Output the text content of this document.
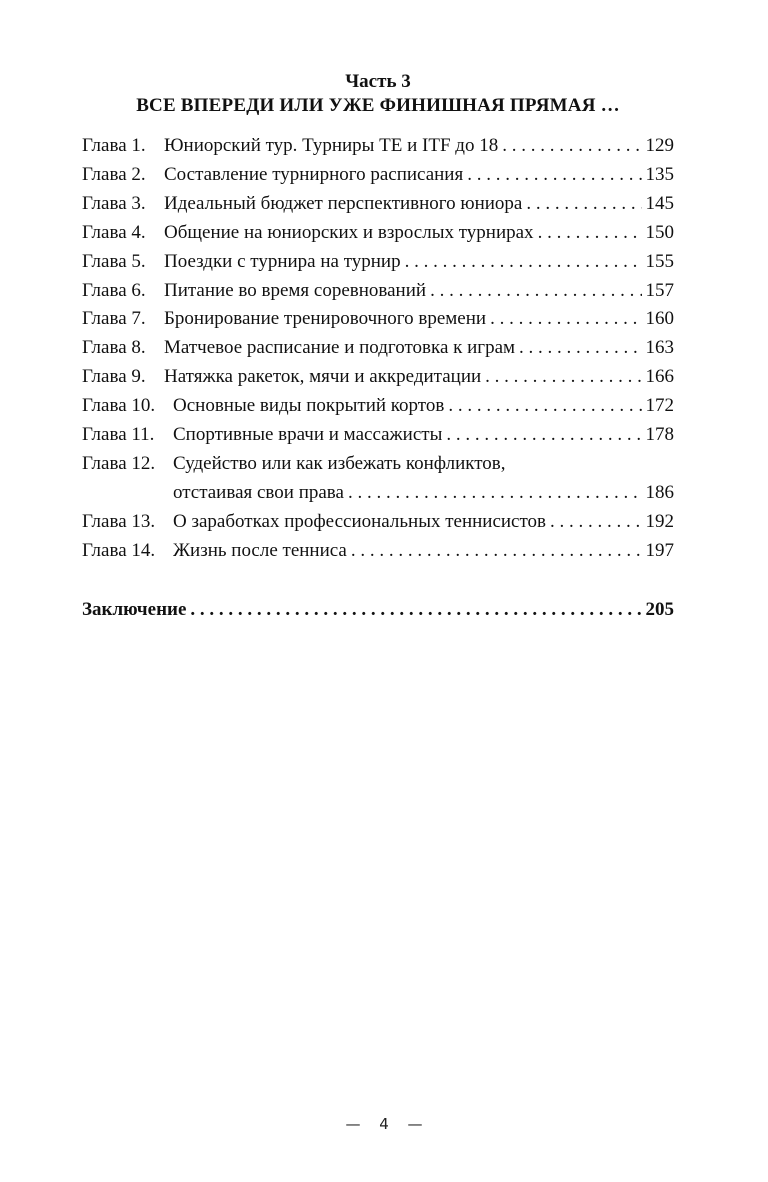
Часть 3
ВСЕ ВПЕРЕДИ ИЛИ УЖЕ ФИНИШНАЯ ПРЯМАЯ …
Глава 1. Юниорский тур. Турниры ТЕ и ITF до 18 . . .	129
Глава 2. Составление турнирного расписания . . .	135
Глава 3. Идеальный бюджет перспективного юниора . . .	145
Глава 4. Общение на юниорских и взрослых турнирах . . .	150
Глава 5. Поездки с турнира на турнир . . .	155
Глава 6. Питание во время соревнований . . .	157
Глава 7. Бронирование тренировочного времени . . .	160
Глава 8. Матчевое расписание и подготовка к играм . . .	163
Глава 9. Натяжка ракеток, мячи и аккредитации . . .	166
Глава 10. Основные виды покрытий кортов . . .	172
Глава 11. Спортивные врачи и массажисты . . .	178
Глава 12. Судейство или как избежать конфликтов,
отстаивая свои права . . .	186
Глава 13. О заработках профессиональных теннисистов . . .	192
Глава 14. Жизнь после тенниса . . .	197
Заключение . . .	205
— 4 —
